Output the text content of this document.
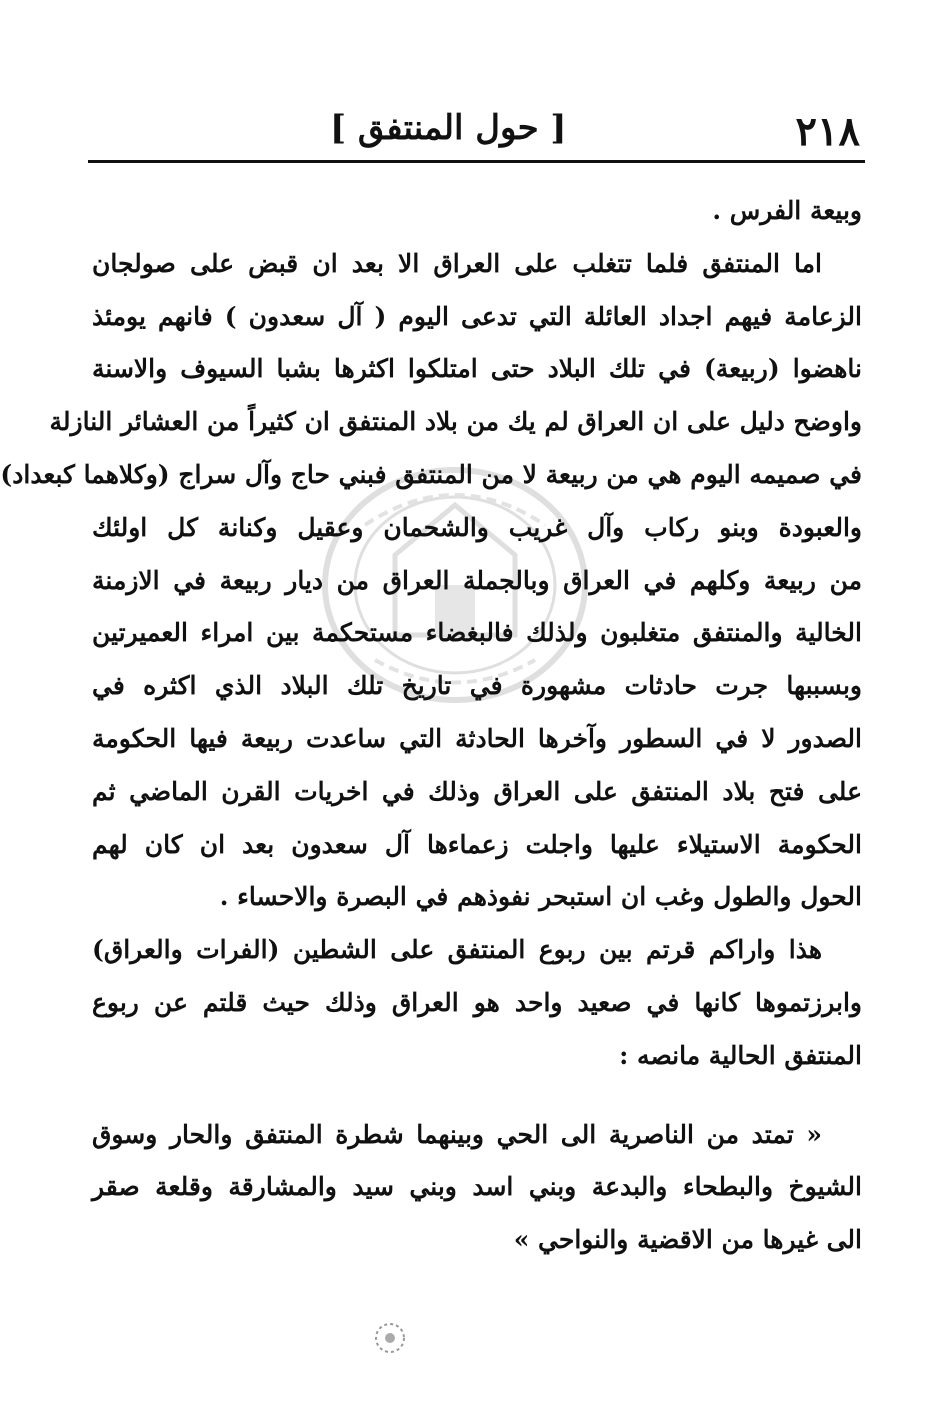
٢١٨
[ حول المنتفق ]
وبيعة الفرس .
اما المنتفق فلما تتغلب على العراق الا بعد ان قبض على صولجان
الزعامة فيهم اجداد العائلة التي تدعى اليوم ( آل سعدون ) فانهم يومئذ
ناهضوا (ربيعة) في تلك البلاد حتى امتلكوا اكثرها بشبا السيوف والاسنة
واوضح دليل على ان العراق لم يك من بلاد المنتفق ان كثيراً من العشائر النازلة
في صميمه اليوم هي من ربيعة لا من المنتفق فبني حاج وآل سراج (وكلاهما كبعداد)
والعبودة وبنو ركاب وآل غريب والشحمان وعقيل وكنانة كل اولئك
من ربيعة وكلهم في العراق وبالجملة العراق من ديار ربيعة في الازمنة
الخالية والمنتفق متغلبون ولذلك فالبغضاء مستحكمة بين امراء العميرتين
وبسببها جرت حادثات مشهورة في تاريخ تلك البلاد الذي اكثره في
الصدور لا في السطور وآخرها الحادثة التي ساعدت ربيعة فيها الحكومة
على فتح بلاد المنتفق على العراق وذلك في اخريات القرن الماضي ثم
الحكومة الاستيلاء عليها واجلت زعماءها آل سعدون بعد ان كان لهم
الحول والطول وغب ان استبحر نفوذهم في البصرة والاحساء .
هذا واراكم قرتم بين ربوع المنتفق على الشطين (الفرات والعراق)
وابرزتموها كانها في صعيد واحد هو العراق وذلك حيث قلتم عن ربوع
المنتفق الحالية مانصه :
« تمتد من الناصرية الى الحي وبينهما شطرة المنتفق والحار وسوق
الشيوخ والبطحاء والبدعة وبني اسد وبني سيد والمشارقة وقلعة صقر
الى غيرها من الاقضية والنواحي »
